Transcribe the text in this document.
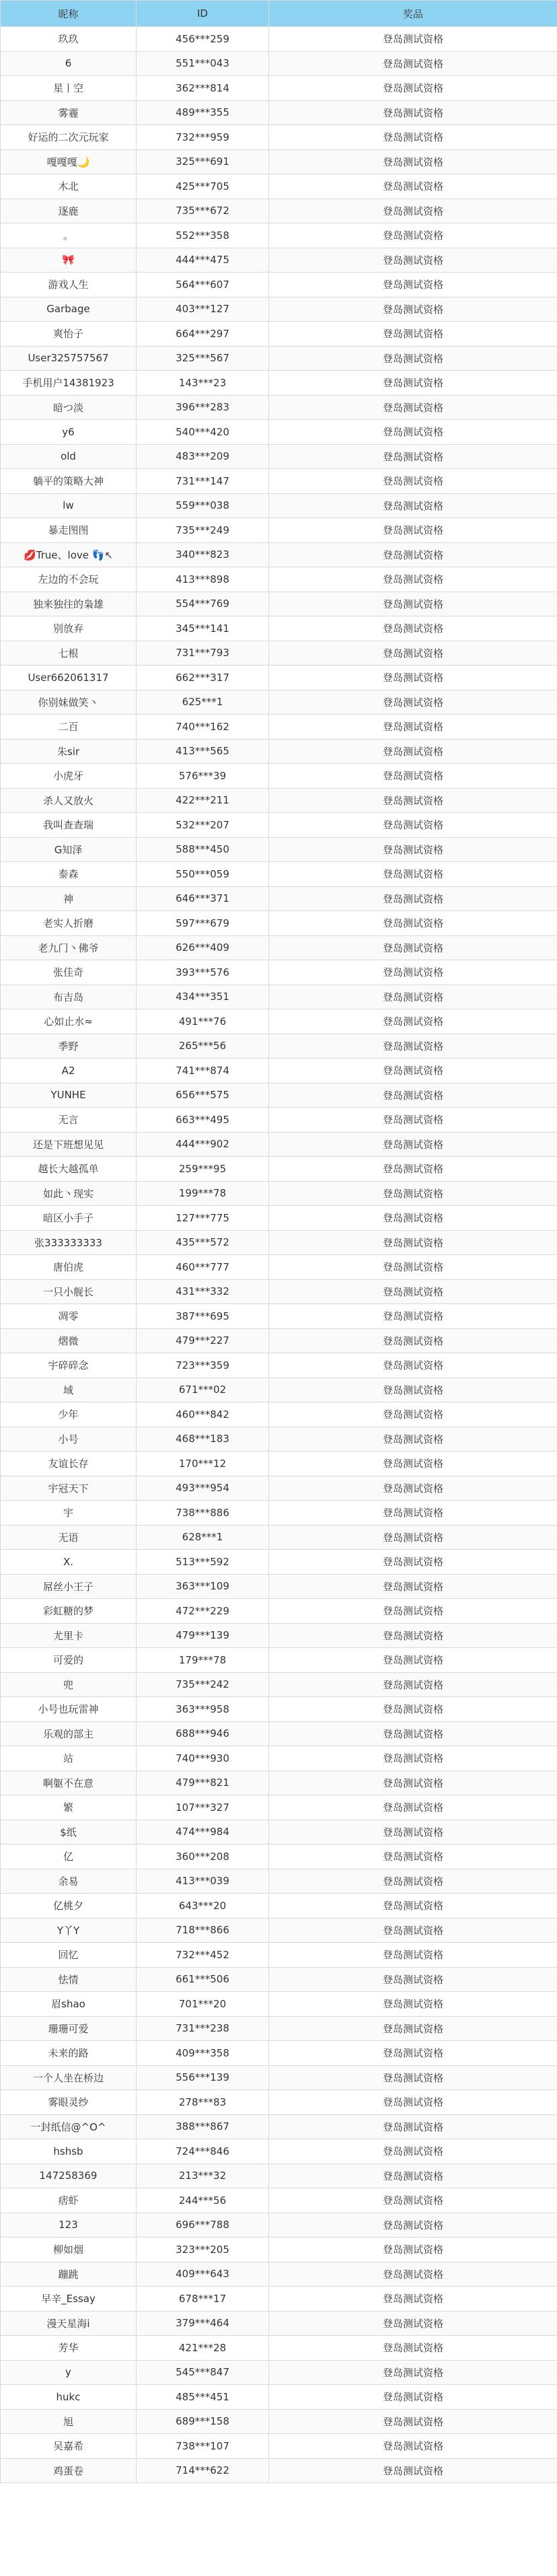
昵称	ID	奖品
玖玖	456***259	登岛测试资格
6	551***043	登岛测试资格
星丨空	362***814	登岛测试资格
雾霾	489***355	登岛测试资格
好运的二次元玩家	732***959	登岛测试资格
嘎嘎嘎🌙	325***691	登岛测试资格
木北	425***705	登岛测试资格
逐鹿	735***672	登岛测试资格
。	552***358	登岛测试资格
🎀	444***475	登岛测试资格
游戏人生	564***607	登岛测试资格
Garbage	403***127	登岛测试资格
爽怡子	664***297	登岛测试资格
User325757567	325***567	登岛测试资格
手机用户14381923	143***23	登岛测试资格
暗つ淡	396***283	登岛测试资格
y6	540***420	登岛测试资格
old	483***209	登岛测试资格
躺平的策略大神	731***147	登岛测试资格
lw	559***038	登岛测试资格
暴走图图	735***249	登岛测试资格
💋True、love 👣↖	340***823	登岛测试资格
左边的不会玩	413***898	登岛测试资格
独来独往的枭雄	554***769	登岛测试资格
别放弃	345***141	登岛测试资格
七根	731***793	登岛测试资格
User662061317	662***317	登岛测试资格
你别妹做笑丶	625***1	登岛测试资格
二百	740***162	登岛测试资格
朱sir	413***565	登岛测试资格
小虎牙	576***39	登岛测试资格
杀人又放火	422***211	登岛测试资格
我叫查查瑞	532***207	登岛测试资格
G知泽	588***450	登岛测试资格
泰森	550***059	登岛测试资格
神	646***371	登岛测试资格
老实人折磨	597***679	登岛测试资格
老九门丶佛爷	626***409	登岛测试资格
张佳奇	393***576	登岛测试资格
布吉岛	434***351	登岛测试资格
心如止水≈	491***76	登岛测试资格
季野	265***56	登岛测试资格
A2	741***874	登岛测试资格
YUNHE	656***575	登岛测试资格
无言	663***495	登岛测试资格
还是下班想见见	444***902	登岛测试资格
越长大越孤单	259***95	登岛测试资格
如此丶现实	199***78	登岛测试资格
暗区小手子	127***775	登岛测试资格
张333333333	435***572	登岛测试资格
唐伯虎	460***777	登岛测试资格
一只小舰长	431***332	登岛测试资格
凋零	387***695	登岛测试资格
熠微	479***227	登岛测试资格
宇碎碎念	723***359	登岛测试资格
域	671***02	登岛测试资格
少年	460***842	登岛测试资格
小号	468***183	登岛测试资格
友谊长存	170***12	登岛测试资格
宇冠天下	493***954	登岛测试资格
宇	738***886	登岛测试资格
无语	628***1	登岛测试资格
X.	513***592	登岛测试资格
屌丝小王子	363***109	登岛测试资格
彩虹糖的梦	472***229	登岛测试资格
尤里卡	479***139	登岛测试资格
可爱的	179***78	登岛测试资格
兜	735***242	登岛测试资格
小号也玩雷神	363***958	登岛测试资格
乐观的部主	688***946	登岛测试资格
站	740***930	登岛测试资格
啊躯不在意	479***821	登岛测试资格
繁	107***327	登岛测试资格
$纸	474***984	登岛测试资格
亿	360***208	登岛测试资格
余易	413***039	登岛测试资格
亿桃夕	643***20	登岛测试资格
Y丫Y	718***866	登岛测试资格
回忆	732***452	登岛测试资格
怯情	661***506	登岛测试资格
眉shao	701***20	登岛测试资格
珊珊可爱	731***238	登岛测试资格
未来的路	409***358	登岛测试资格
一个人坐在桥边	556***139	登岛测试资格
雾眼灵纱	278***83	登岛测试资格
一封纸信@^O^	388***867	登岛测试资格
hshsb	724***846	登岛测试资格
147258369	213***32	登岛测试资格
痞虾	244***56	登岛测试资格
123	696***788	登岛测试资格
柳如烟	323***205	登岛测试资格
蹦跳	409***643	登岛测试资格
早辛_Essay	678***17	登岛测试资格
漫天星海i	379***464	登岛测试资格
芳华	421***28	登岛测试资格
y	545***847	登岛测试资格
hukc	485***451	登岛测试资格
旭	689***158	登岛测试资格
吴嘉希	738***107	登岛测试资格
鸡蛋卷	714***622	登岛测试资格
